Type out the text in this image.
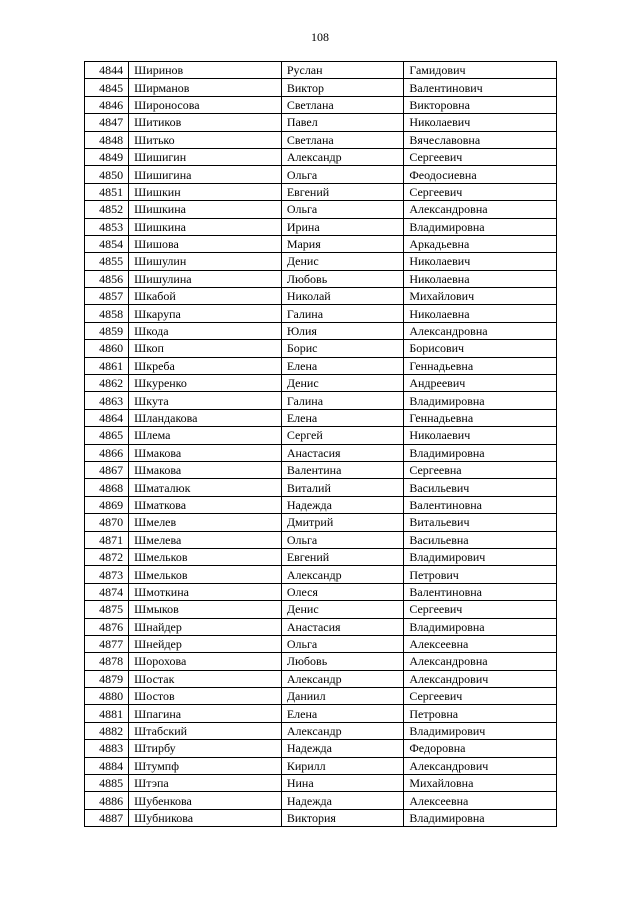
108
4844	Ширинов	Руслан	Гамидович
4845	Ширманов	Виктор	Валентинович
4846	Широносова	Светлана	Викторовна
4847	Шитиков	Павел	Николаевич
4848	Шитько	Светлана	Вячеславовна
4849	Шишигин	Александр	Сергеевич
4850	Шишигина	Ольга	Феодосиевна
4851	Шишкин	Евгений	Сергеевич
4852	Шишкина	Ольга	Александровна
4853	Шишкина	Ирина	Владимировна
4854	Шишова	Мария	Аркадьевна
4855	Шишулин	Денис	Николаевич
4856	Шишулина	Любовь	Николаевна
4857	Шкабой	Николай	Михайлович
4858	Шкарупа	Галина	Николаевна
4859	Шкода	Юлия	Александровна
4860	Шкоп	Борис	Борисович
4861	Шкреба	Елена	Геннадьевна
4862	Шкуренко	Денис	Андреевич
4863	Шкута	Галина	Владимировна
4864	Шландакова	Елена	Геннадьевна
4865	Шлема	Сергей	Николаевич
4866	Шмакова	Анастасия	Владимировна
4867	Шмакова	Валентина	Сергеевна
4868	Шматалюк	Виталий	Васильевич
4869	Шматкова	Надежда	Валентиновна
4870	Шмелев	Дмитрий	Витальевич
4871	Шмелева	Ольга	Васильевна
4872	Шмельков	Евгений	Владимирович
4873	Шмельков	Александр	Петрович
4874	Шмоткина	Олеся	Валентиновна
4875	Шмыков	Денис	Сергеевич
4876	Шнайдер	Анастасия	Владимировна
4877	Шнейдер	Ольга	Алексеевна
4878	Шорохова	Любовь	Александровна
4879	Шостак	Александр	Александрович
4880	Шостов	Даниил	Сергеевич
4881	Шпагина	Елена	Петровна
4882	Штабский	Александр	Владимирович
4883	Штирбу	Надежда	Федоровна
4884	Штумпф	Кирилл	Александрович
4885	Штэпа	Нина	Михайловна
4886	Шубенкова	Надежда	Алексеевна
4887	Шубникова	Виктория	Владимировна
